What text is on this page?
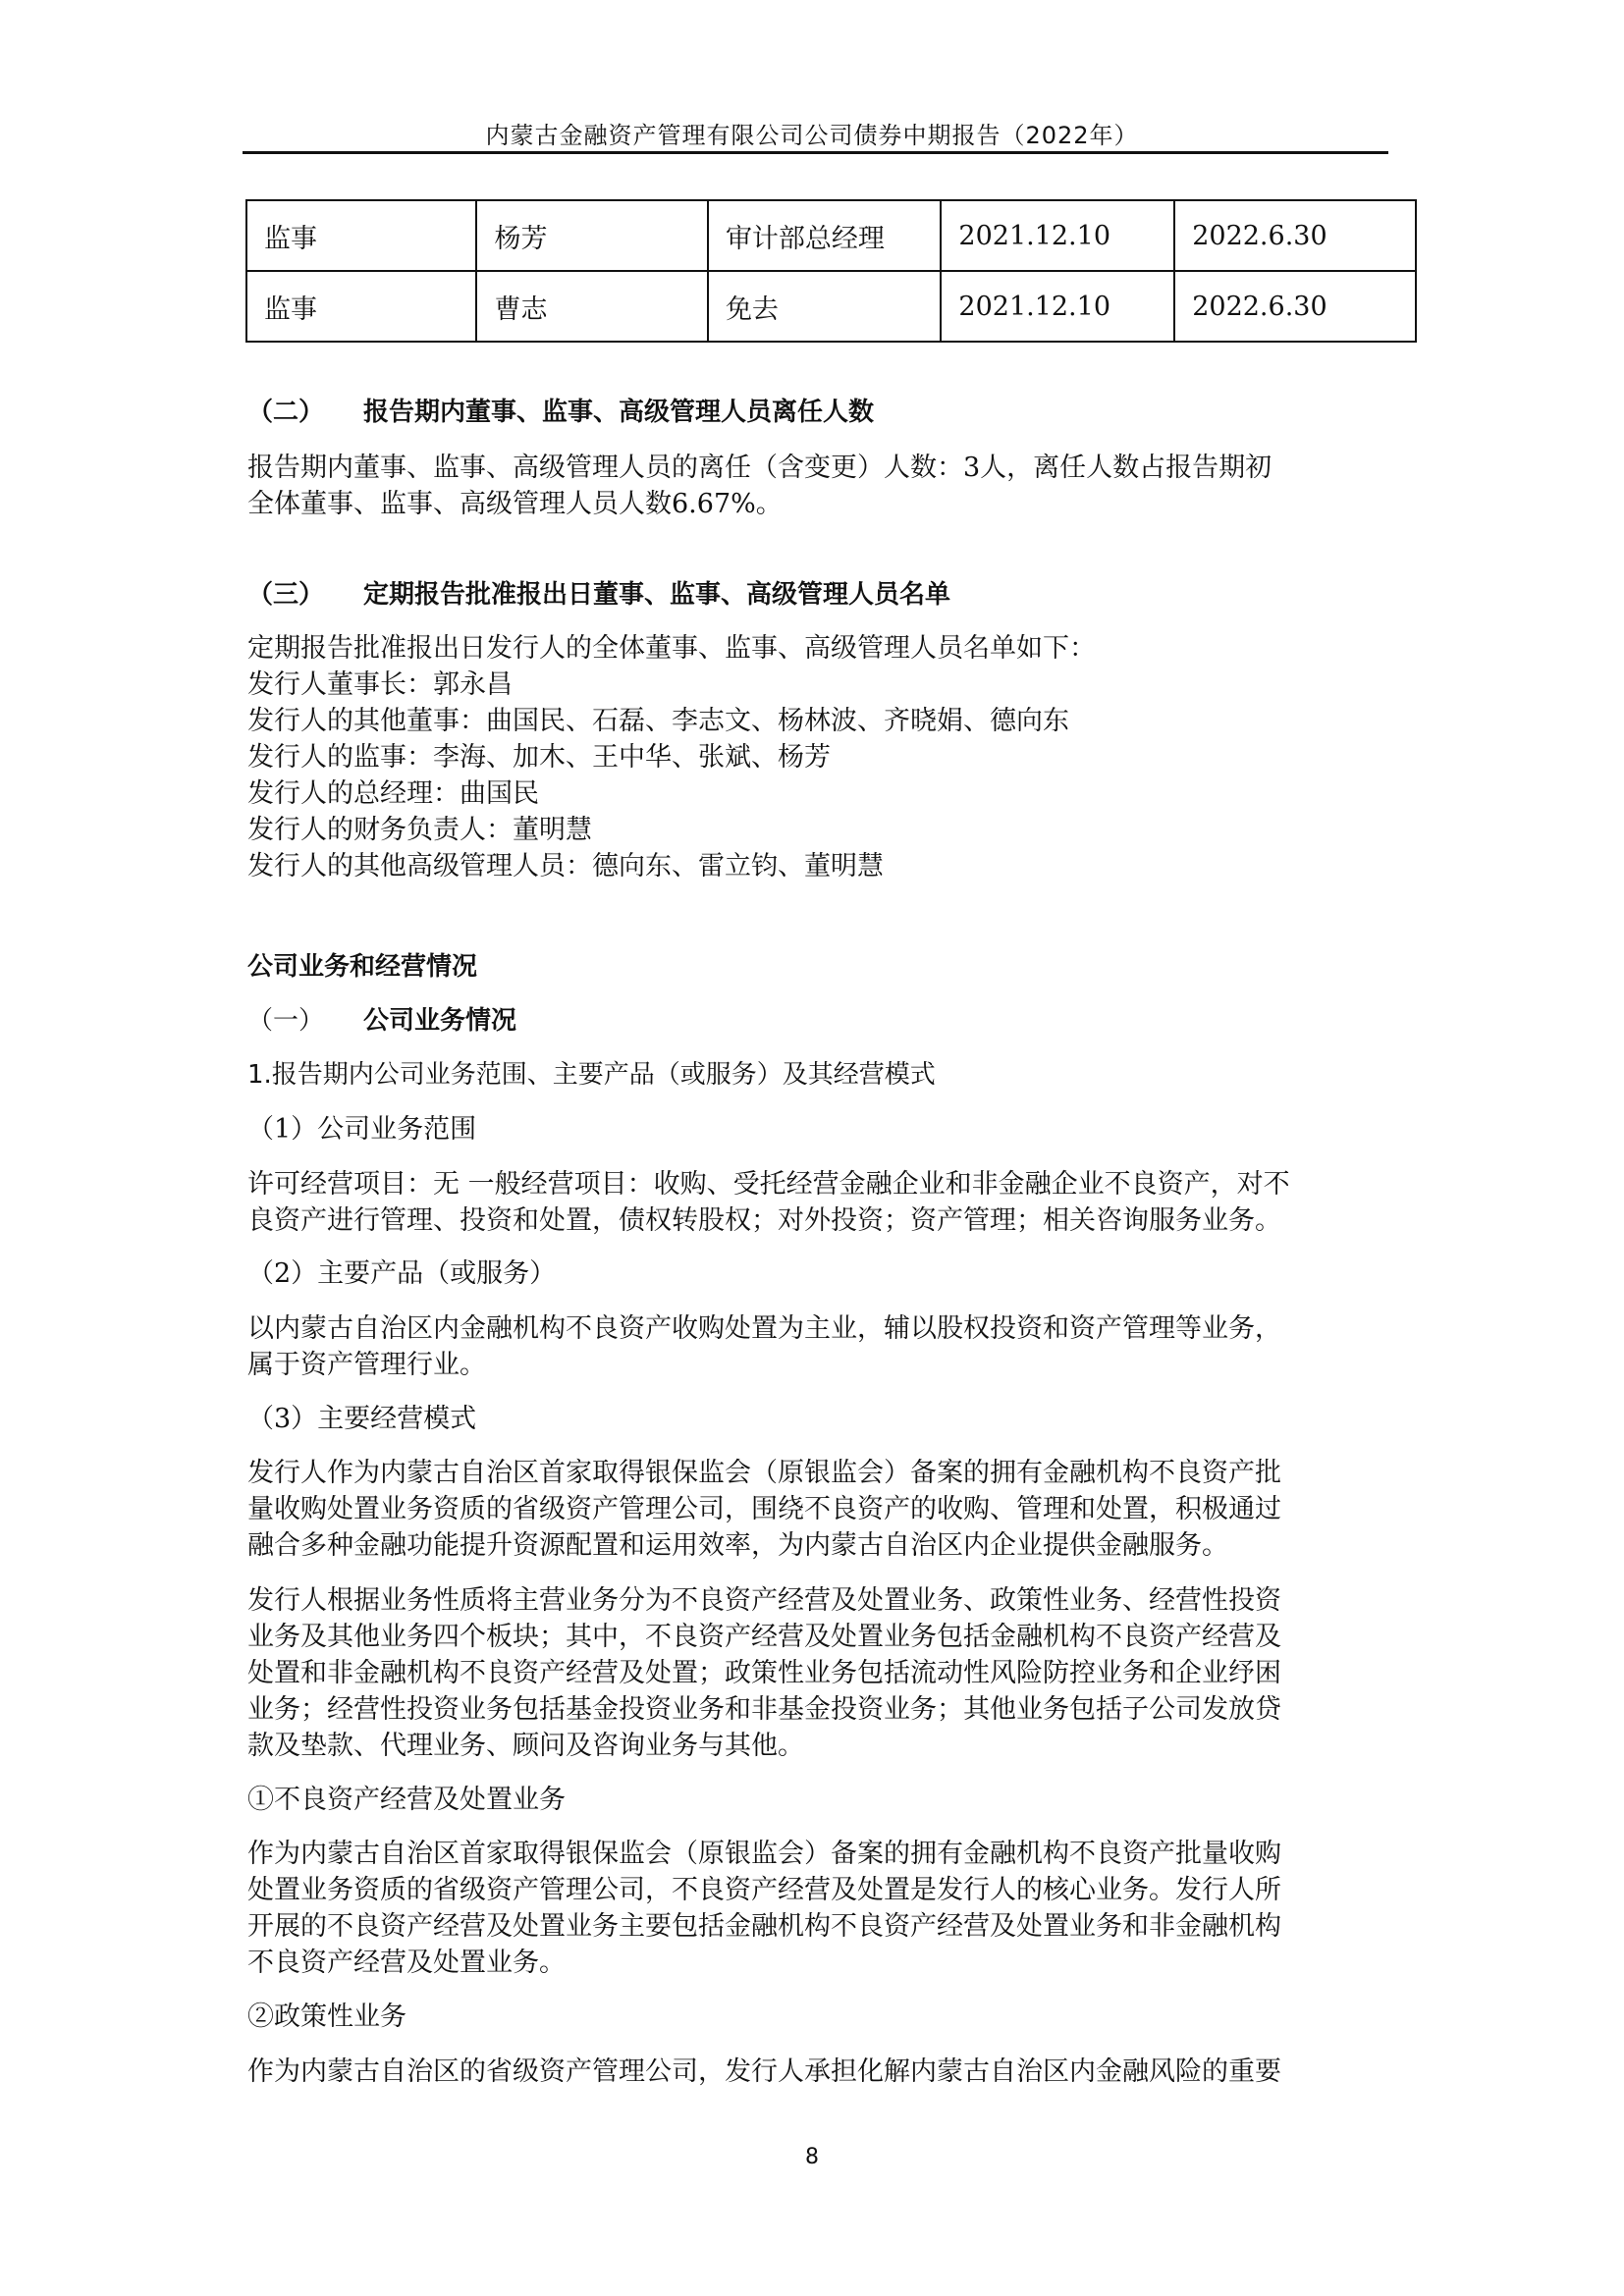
内蒙古金融资产管理有限公司公司债券中期报告（2022年）
监事	杨芳	审计部总经理	2021.12.10	2022.6.30
监事	曹志	免去	2021.12.10	2022.6.30
（二） 报告期内董事、监事、高级管理人员离任人数
报告期内董事、监事、高级管理人员的离任（含变更）人数：3人，离任人数占报告期初
全体董事、监事、高级管理人员人数6.67%。
（三） 定期报告批准报出日董事、监事、高级管理人员名单
定期报告批准报出日发行人的全体董事、监事、高级管理人员名单如下：
发行人董事长：郭永昌
发行人的其他董事：曲国民、石磊、李志文、杨林波、齐晓娟、德向东
发行人的监事：李海、加木、王中华、张斌、杨芳
发行人的总经理：曲国民
发行人的财务负责人：董明慧
发行人的其他高级管理人员：德向东、雷立钧、董明慧
公司业务和经营情况
（一） 公司业务情况
1.报告期内公司业务范围、主要产品（或服务）及其经营模式
（1）公司业务范围
许可经营项目：无 一般经营项目：收购、受托经营金融企业和非金融企业不良资产，对不
良资产进行管理、投资和处置，债权转股权；对外投资；资产管理；相关咨询服务业务。
（2）主要产品（或服务）
以内蒙古自治区内金融机构不良资产收购处置为主业，辅以股权投资和资产管理等业务，
属于资产管理行业。
（3）主要经营模式
发行人作为内蒙古自治区首家取得银保监会（原银监会）备案的拥有金融机构不良资产批
量收购处置业务资质的省级资产管理公司，围绕不良资产的收购、管理和处置，积极通过
融合多种金融功能提升资源配置和运用效率，为内蒙古自治区内企业提供金融服务。
发行人根据业务性质将主营业务分为不良资产经营及处置业务、政策性业务、经营性投资
业务及其他业务四个板块；其中，不良资产经营及处置业务包括金融机构不良资产经营及
处置和非金融机构不良资产经营及处置；政策性业务包括流动性风险防控业务和企业纾困
业务；经营性投资业务包括基金投资业务和非基金投资业务；其他业务包括子公司发放贷
款及垫款、代理业务、顾问及咨询业务与其他。
①不良资产经营及处置业务
作为内蒙古自治区首家取得银保监会（原银监会）备案的拥有金融机构不良资产批量收购
处置业务资质的省级资产管理公司，不良资产经营及处置是发行人的核心业务。发行人所
开展的不良资产经营及处置业务主要包括金融机构不良资产经营及处置业务和非金融机构
不良资产经营及处置业务。
②政策性业务
作为内蒙古自治区的省级资产管理公司，发行人承担化解内蒙古自治区内金融风险的重要
8
